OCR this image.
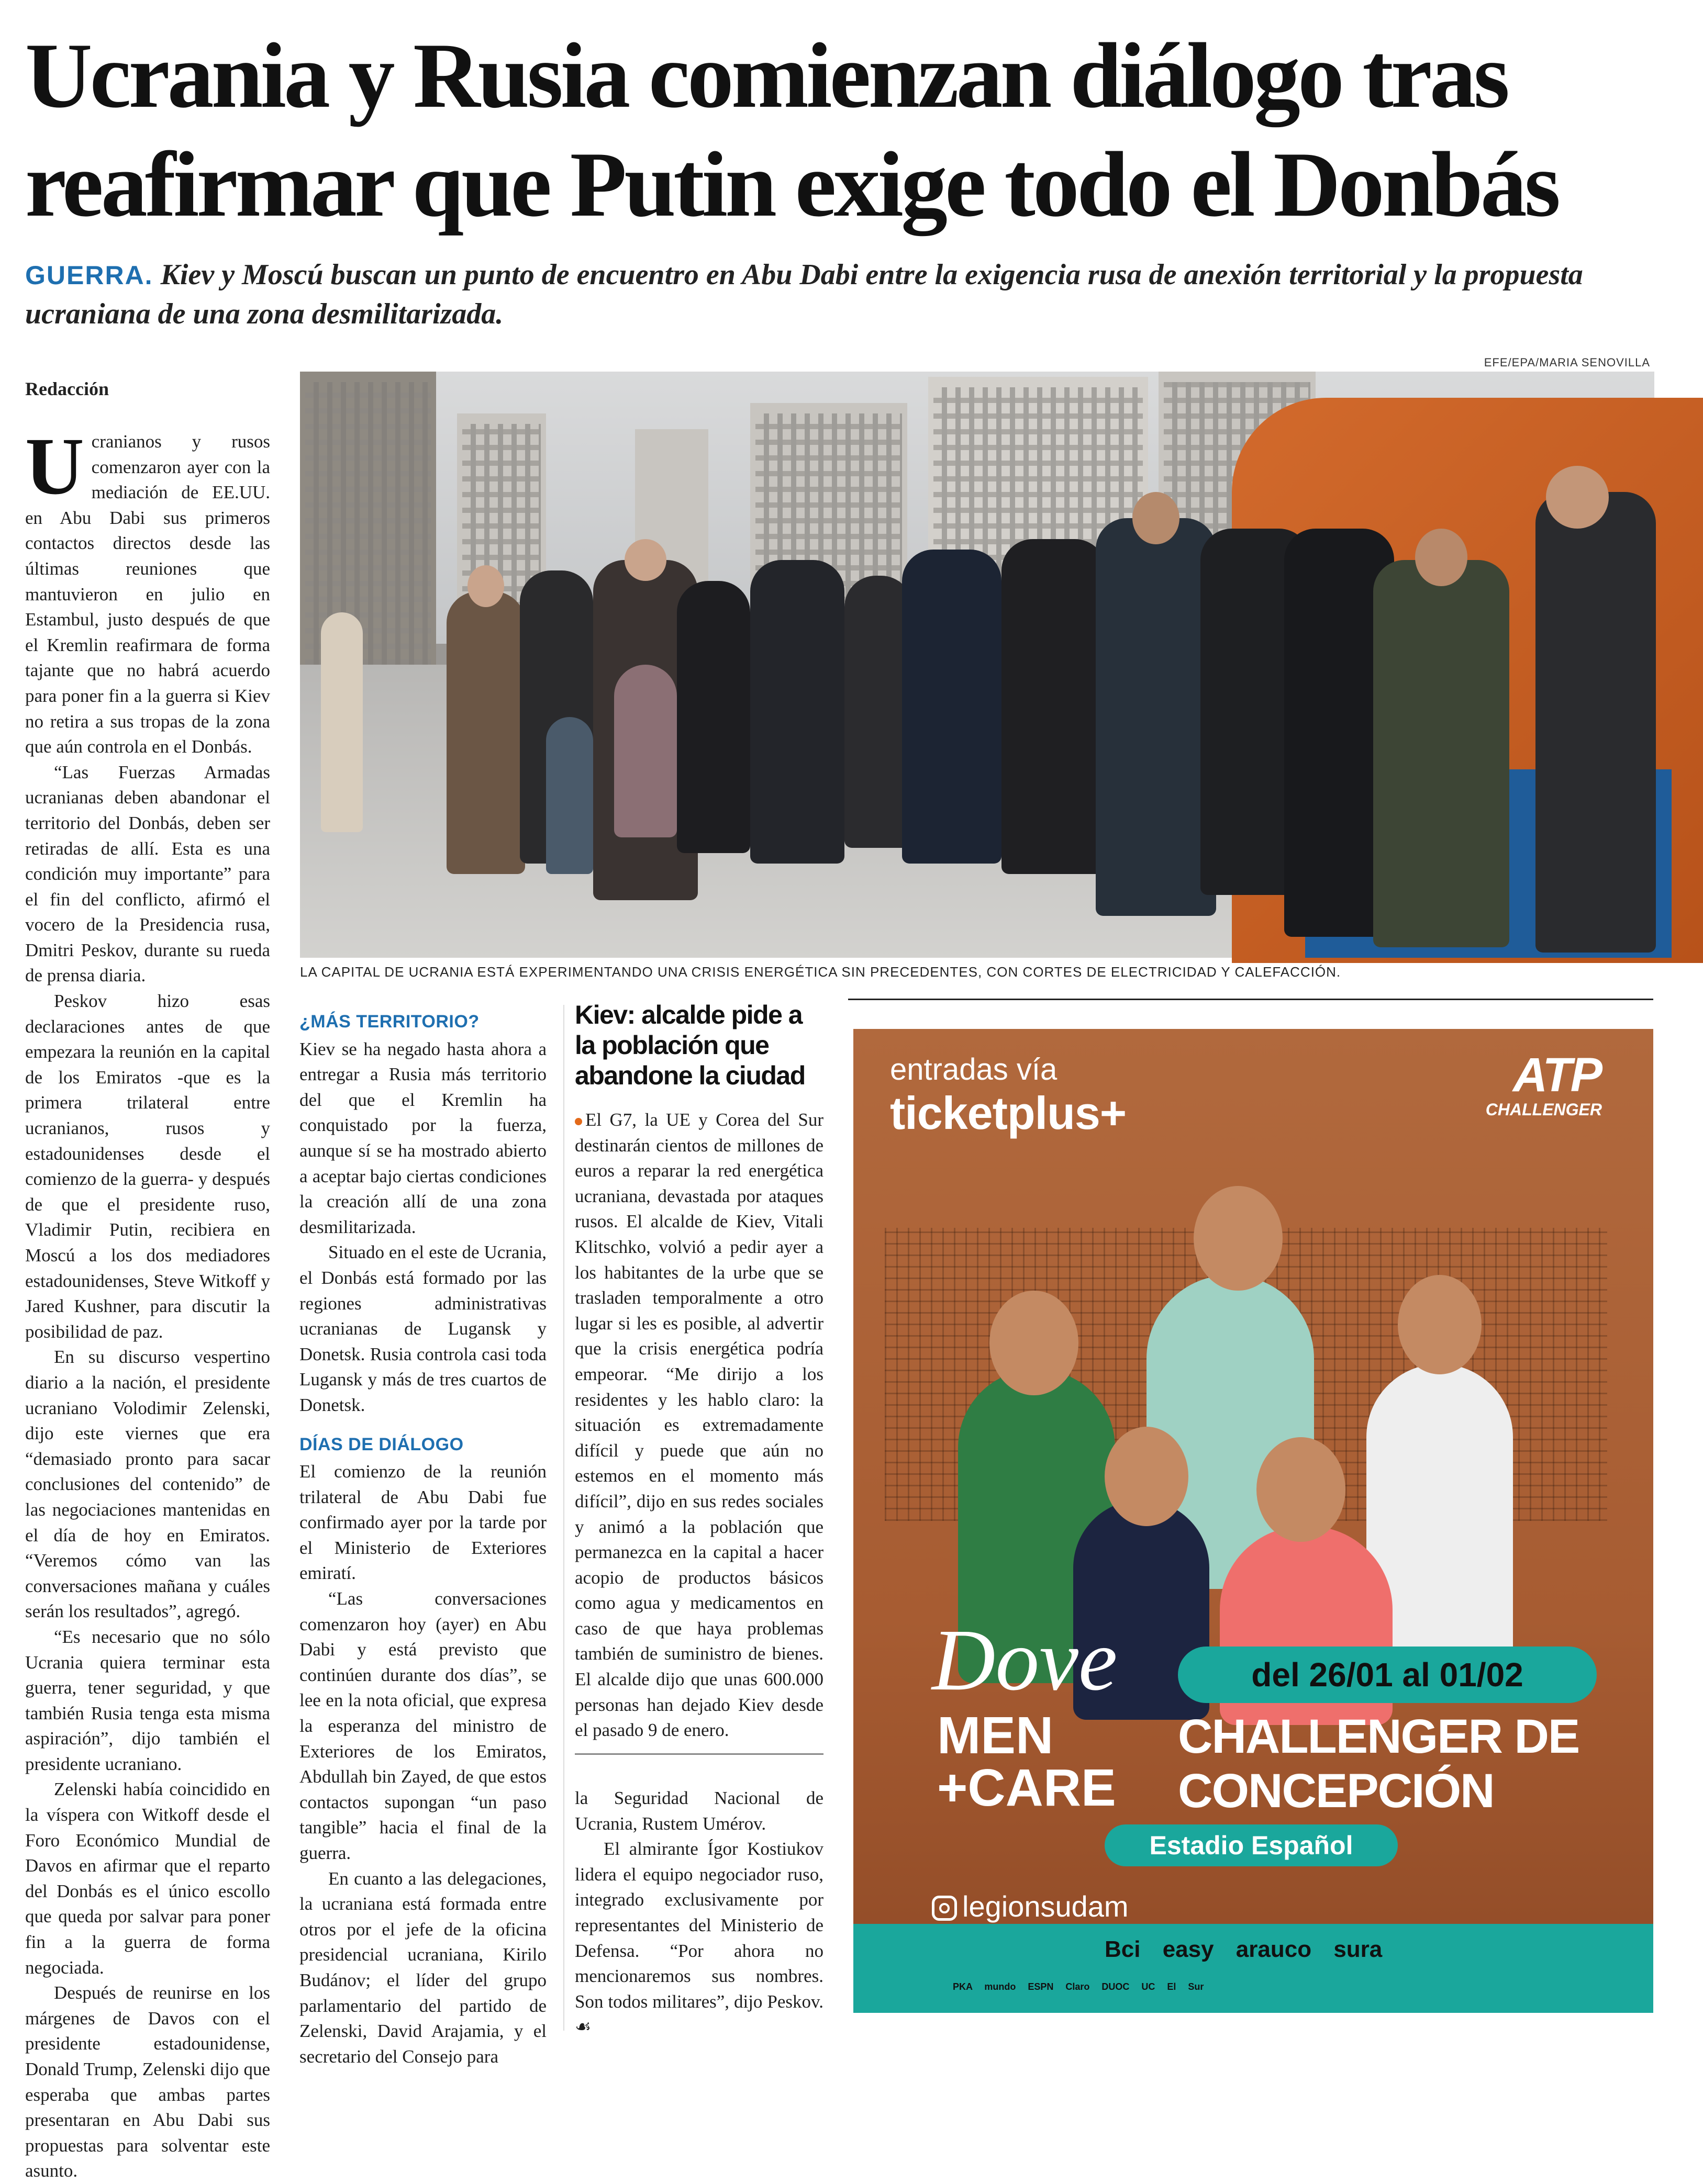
Ucrania y Rusia comienzan diálogo tras reafirmar que Putin exige todo el Donbás
GUERRA. Kiev y Moscú buscan un punto de encuentro en Abu Dabi entre la exigencia rusa de anexión territorial y la propuesta ucraniana de una zona desmilitarizada.
Redacción
EFE/EPA/MARIA SENOVILLA

Ucranianos y rusos comenzaron ayer con la mediación de EE.UU. en Abu Dabi sus primeros contactos directos desde las últimas reuniones que mantuvieron en julio en Estambul, justo después de que el Kremlin reafirmara de forma tajante que no habrá acuerdo para poner fin a la guerra si Kiev no retira a sus tropas de la zona que aún controla en el Donbás.

“Las Fuerzas Armadas ucranianas deben abandonar el territorio del Donbás, deben ser retiradas de allí. Esta es una condición muy importante” para el fin del conflicto, afirmó el vocero de la Presidencia rusa, Dmitri Peskov, durante su rueda de prensa diaria.

Peskov hizo esas declaraciones antes de que empezara la reunión en la capital de los Emiratos -que es la primera trilateral entre ucranianos, rusos y estadounidenses desde el comienzo de la guerra- y después de que el presidente ruso, Vladimir Putin, recibiera en Moscú a los dos mediadores estadounidenses, Steve Witkoff y Jared Kushner, para discutir la posibilidad de paz.

En su discurso vespertino diario a la nación, el presidente ucraniano Volodimir Zelenski, dijo este viernes que era “demasiado pronto para sacar conclusiones del contenido” de las negociaciones mantenidas en el día de hoy en Emiratos. “Veremos cómo van las conversaciones mañana y cuáles serán los resultados”, agregó.

“Es necesario que no sólo Ucrania quiera terminar esta guerra, tener seguridad, y que también Rusia tenga esta misma aspiración”, dijo también el presidente ucraniano.

Zelenski había coincidido en la víspera con Witkoff desde el Foro Económico Mundial de Davos en afirmar que el reparto del Donbás es el único escollo que queda por salvar para poner fin a la guerra de forma negociada.

Después de reunirse en los márgenes de Davos con el presidente estadounidense, Donald Trump, Zelenski dijo que esperaba que ambas partes presentaran en Abu Dabi sus propuestas para solventar este asunto.

LA CAPITAL DE UCRANIA ESTÁ EXPERIMENTANDO UNA CRISIS ENERGÉTICA SIN PRECEDENTES, CON CORTES DE ELECTRICIDAD Y CALEFACCIÓN.

¿MÁS TERRITORIO?

Kiev se ha negado hasta ahora a entregar a Rusia más territorio del que el Kremlin ha conquistado por la fuerza, aunque sí se ha mostrado abierto a aceptar bajo ciertas condiciones la creación allí de una zona desmilitarizada.

Situado en el este de Ucrania, el Donbás está formado por las regiones administrativas ucranianas de Lugansk y Donetsk. Rusia controla casi toda Lugansk y más de tres cuartos de Donetsk.

DÍAS DE DIÁLOGO

El comienzo de la reunión trilateral de Abu Dabi fue confirmado ayer por la tarde por el Ministerio de Exteriores emiratí.

“Las conversaciones comenzaron hoy (ayer) en Abu Dabi y está previsto que continúen durante dos días”, se lee en la nota oficial, que expresa la esperanza del ministro de Exteriores de los Emiratos, Abdullah bin Zayed, de que estos contactos supongan “un paso tangible” hacia el final de la guerra.

En cuanto a las delegaciones, la ucraniana está formada entre otros por el jefe de la oficina presidencial ucraniana, Kirilo Budánov; el líder del grupo parlamentario del partido de Zelenski, David Arajamia, y el secretario del Consejo para

Kiev: alcalde pide a la población que abandone la ciudad

El G7, la UE y Corea del Sur destinarán cientos de millones de euros a reparar la red energética ucraniana, devastada por ataques rusos. El alcalde de Kiev, Vitali Klitschko, volvió a pedir ayer a los habitantes de la urbe que se trasladen temporalmente a otro lugar si les es posible, al advertir que la crisis energética podría empeorar. “Me dirijo a los residentes y les hablo claro: la situación es extremadamente difícil y puede que aún no estemos en el momento más difícil”, dijo en sus redes sociales y animó a la población que permanezca en la capital a hacer acopio de productos básicos como agua y medicamentos en caso de que haya problemas también de suministro de bienes. El alcalde dijo que unas 600.000 personas han dejado Kiev desde el pasado 9 de enero.

la Seguridad Nacional de Ucrania, Rustem Umérov.

El almirante Ígor Kostiukov lidera el equipo negociador ruso, integrado exclusivamente por representantes del Ministerio de Defensa. “Por ahora no mencionaremos sus nombres. Son todos militares”, dijo Peskov. ☙

entradas vía
ticketplus+
ATP
CHALLENGER
Dove
MEN
+CARE
del 26/01 al 01/02
CHALLENGER DE
CONCEPCIÓN
Estadio Español
legionsudam
Bci easy arauco sura
PKA mundo ESPN Claro DUOC UC El Sur
